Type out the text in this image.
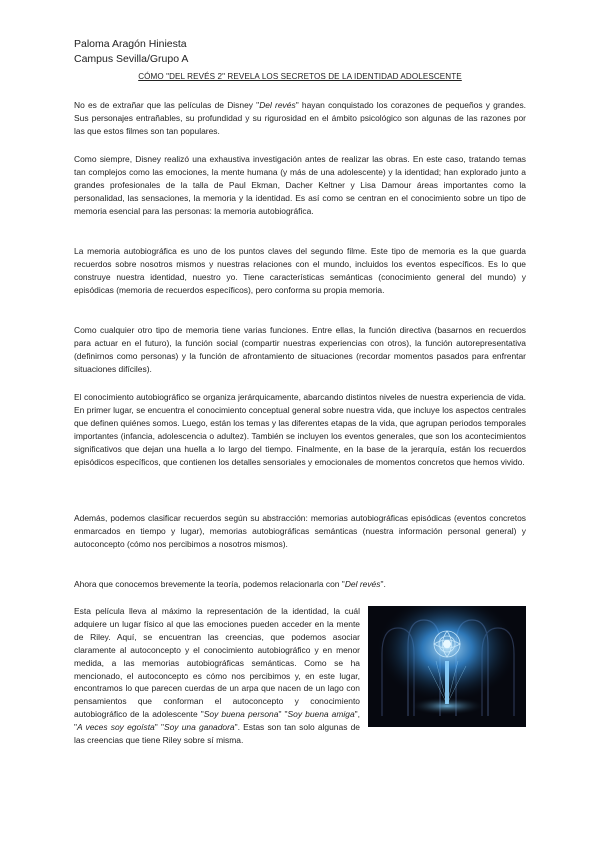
Paloma Aragón Hiniesta
Campus Sevilla/Grupo A
CÓMO "DEL REVÉS 2" REVELA LOS SECRETOS DE LA IDENTIDAD ADOLESCENTE

No es de extrañar que las películas de Disney "Del revés" hayan conquistado los corazones de pequeños y grandes. Sus personajes entrañables, su profundidad y su rigurosidad en el ámbito psicológico son algunas de las razones por las que estos filmes son tan populares.

Como siempre, Disney realizó una exhaustiva investigación antes de realizar las obras. En este caso, tratando temas tan complejos como las emociones, la mente humana (y más de una adolescente) y la identidad; han explorado junto a grandes profesionales de la talla de Paul Ekman, Dacher Keltner y Lisa Damour áreas importantes como la personalidad, las sensaciones, la memoria y la identidad. Es así como se centran en el conocimiento sobre un tipo de memoria esencial para las personas: la memoria autobiográfica.

La memoria autobiográfica es uno de los puntos claves del segundo filme. Este tipo de memoria es la que guarda recuerdos sobre nosotros mismos y nuestras relaciones con el mundo, incluidos los eventos específicos. Es lo que construye nuestra identidad, nuestro yo. Tiene características semánticas (conocimiento general del mundo) y episódicas (memoria de recuerdos específicos), pero conforma su propia memoria.

Como cualquier otro tipo de memoria tiene varias funciones. Entre ellas, la función directiva (basarnos en recuerdos para actuar en el futuro), la función social (compartir nuestras experiencias con otros), la función autorepresentativa (definirnos como personas) y la función de afrontamiento de situaciones (recordar momentos pasados para enfrentar situaciones difíciles).

El conocimiento autobiográfico se organiza jerárquicamente, abarcando distintos niveles de nuestra experiencia de vida. En primer lugar, se encuentra el conocimiento conceptual general sobre nuestra vida, que incluye los aspectos centrales que definen quiénes somos. Luego, están los temas y las diferentes etapas de la vida, que agrupan periodos temporales importantes (infancia, adolescencia o adultez). También se incluyen los eventos generales, que son los acontecimientos significativos que dejan una huella a lo largo del tiempo. Finalmente, en la base de la jerarquía, están los recuerdos episódicos específicos, que contienen los detalles sensoriales y emocionales de momentos concretos que hemos vivido.

Además, podemos clasificar recuerdos según su abstracción: memorias autobiográficas episódicas (eventos concretos enmarcados en tiempo y lugar), memorias autobiográficas semánticas (nuestra información personal general) y autoconcepto (cómo nos percibimos a nosotros mismos).

Ahora que conocemos brevemente la teoría, podemos relacionarla con "Del revés".

Esta película lleva al máximo la representación de la identidad, la cuál adquiere un lugar físico al que las emociones pueden acceder en la mente de Riley. Aquí, se encuentran las creencias, que podemos asociar claramente al autoconcepto y el conocimiento autobiográfico y en menor medida, a las memorias autobiográficas semánticas. Como se ha mencionado, el autoconcepto es cómo nos percibimos y, en este lugar, encontramos lo que parecen cuerdas de un arpa que nacen de un lago con pensamientos que conforman el autoconcepto y conocimiento autobiográfico de la adolescente "Soy buena persona" "Soy buena amiga", "A veces soy egoísta" "Soy una ganadora". Estas son tan solo algunas de las creencias que tiene Riley sobre sí misma.
